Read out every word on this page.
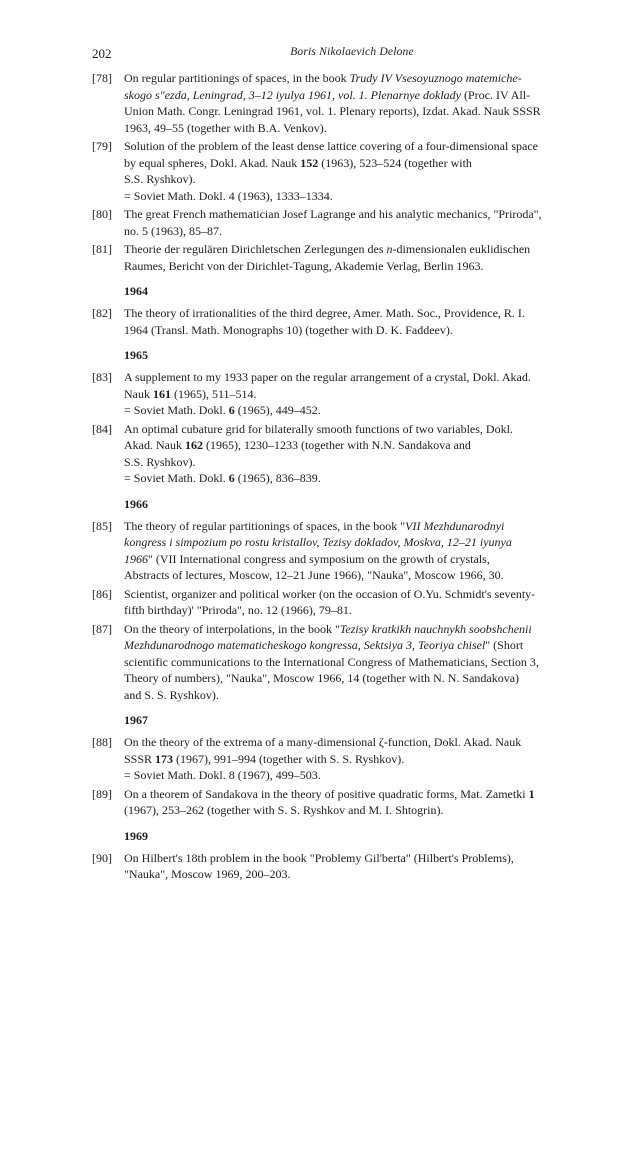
202	Boris Nikolaevich Delone
[78] On regular partitionings of spaces, in the book Trudy IV Vsesoyuznogo matemiche-
skogo s"ezda, Leningrad, 3–12 iyulya 1961, vol. 1. Plenarnye doklady (Proc. IV All-
Union Math. Congr. Leningrad 1961, vol. 1. Plenary reports), Izdat. Akad. Nauk SSSR
1963, 49–55 (together with B.A. Venkov).
[79] Solution of the problem of the least dense lattice covering of a four-dimensional space
by equal spheres, Dokl. Akad. Nauk 152 (1963), 523–524 (together with
S.S. Ryshkov).
= Soviet Math. Dokl. 4 (1963), 1333–1334.
[80] The great French mathematician Josef Lagrange and his analytic mechanics, "Priroda",
no. 5 (1963), 85–87.
[81] Theorie der regulären Dirichletschen Zerlegungen des n-dimensionalen euklidischen
Raumes, Bericht von der Dirichlet-Tagung, Akademie Verlag, Berlin 1963.
1964
[82] The theory of irrationalities of the third degree, Amer. Math. Soc., Providence, R. I.
1964 (Transl. Math. Monographs 10) (together with D. K. Faddeev).
1965
[83] A supplement to my 1933 paper on the regular arrangement of a crystal, Dokl. Akad.
Nauk 161 (1965), 511–514.
= Soviet Math. Dokl. 6 (1965), 449–452.
[84] An optimal cubature grid for bilaterally smooth functions of two variables, Dokl.
Akad. Nauk 162 (1965), 1230–1233 (together with N.N. Sandakova and
S.S. Ryshkov).
= Soviet Math. Dokl. 6 (1965), 836–839.
1966
[85] The theory of regular partitionings of spaces, in the book "VII Mezhdunarodnyi
kongress i simpozium po rostu kristallov, Tezisy dokladov, Moskva, 12–21 iyunya
1966" (VII International congress and symposium on the growth of crystals,
Abstracts of lectures, Moscow, 12–21 June 1966), "Nauka", Moscow 1966, 30.
[86] Scientist, organizer and political worker (on the occasion of O.Yu. Schmidt's seventy-
fifth birthday)' "Priroda", no. 12 (1966), 79–81.
[87] On the theory of interpolations, in the book "Tezisy kratkikh nauchnykh soobshchenii
Mezhdunarodnogo matematicheskogo kongressa, Sektsiya 3, Teoriya chisel" (Short
scientific communications to the International Congress of Mathematicians, Section 3,
Theory of numbers), "Nauka", Moscow 1966, 14 (together with N. N. Sandakova)
and S. S. Ryshkov).
1967
[88] On the theory of the extrema of a many-dimensional ζ-function, Dokl. Akad. Nauk
SSSR 173 (1967), 991–994 (together with S. S. Ryshkov).
= Soviet Math. Dokl. 8 (1967), 499–503.
[89] On a theorem of Sandakova in the theory of positive quadratic forms, Mat. Zametki 1
(1967), 253–262 (together with S. S. Ryshkov and M. I. Shtogrin).
1969
[90] On Hilbert's 18th problem in the book "Problemy Gil'berta" (Hilbert's Problems),
"Nauka", Moscow 1969, 200–203.
